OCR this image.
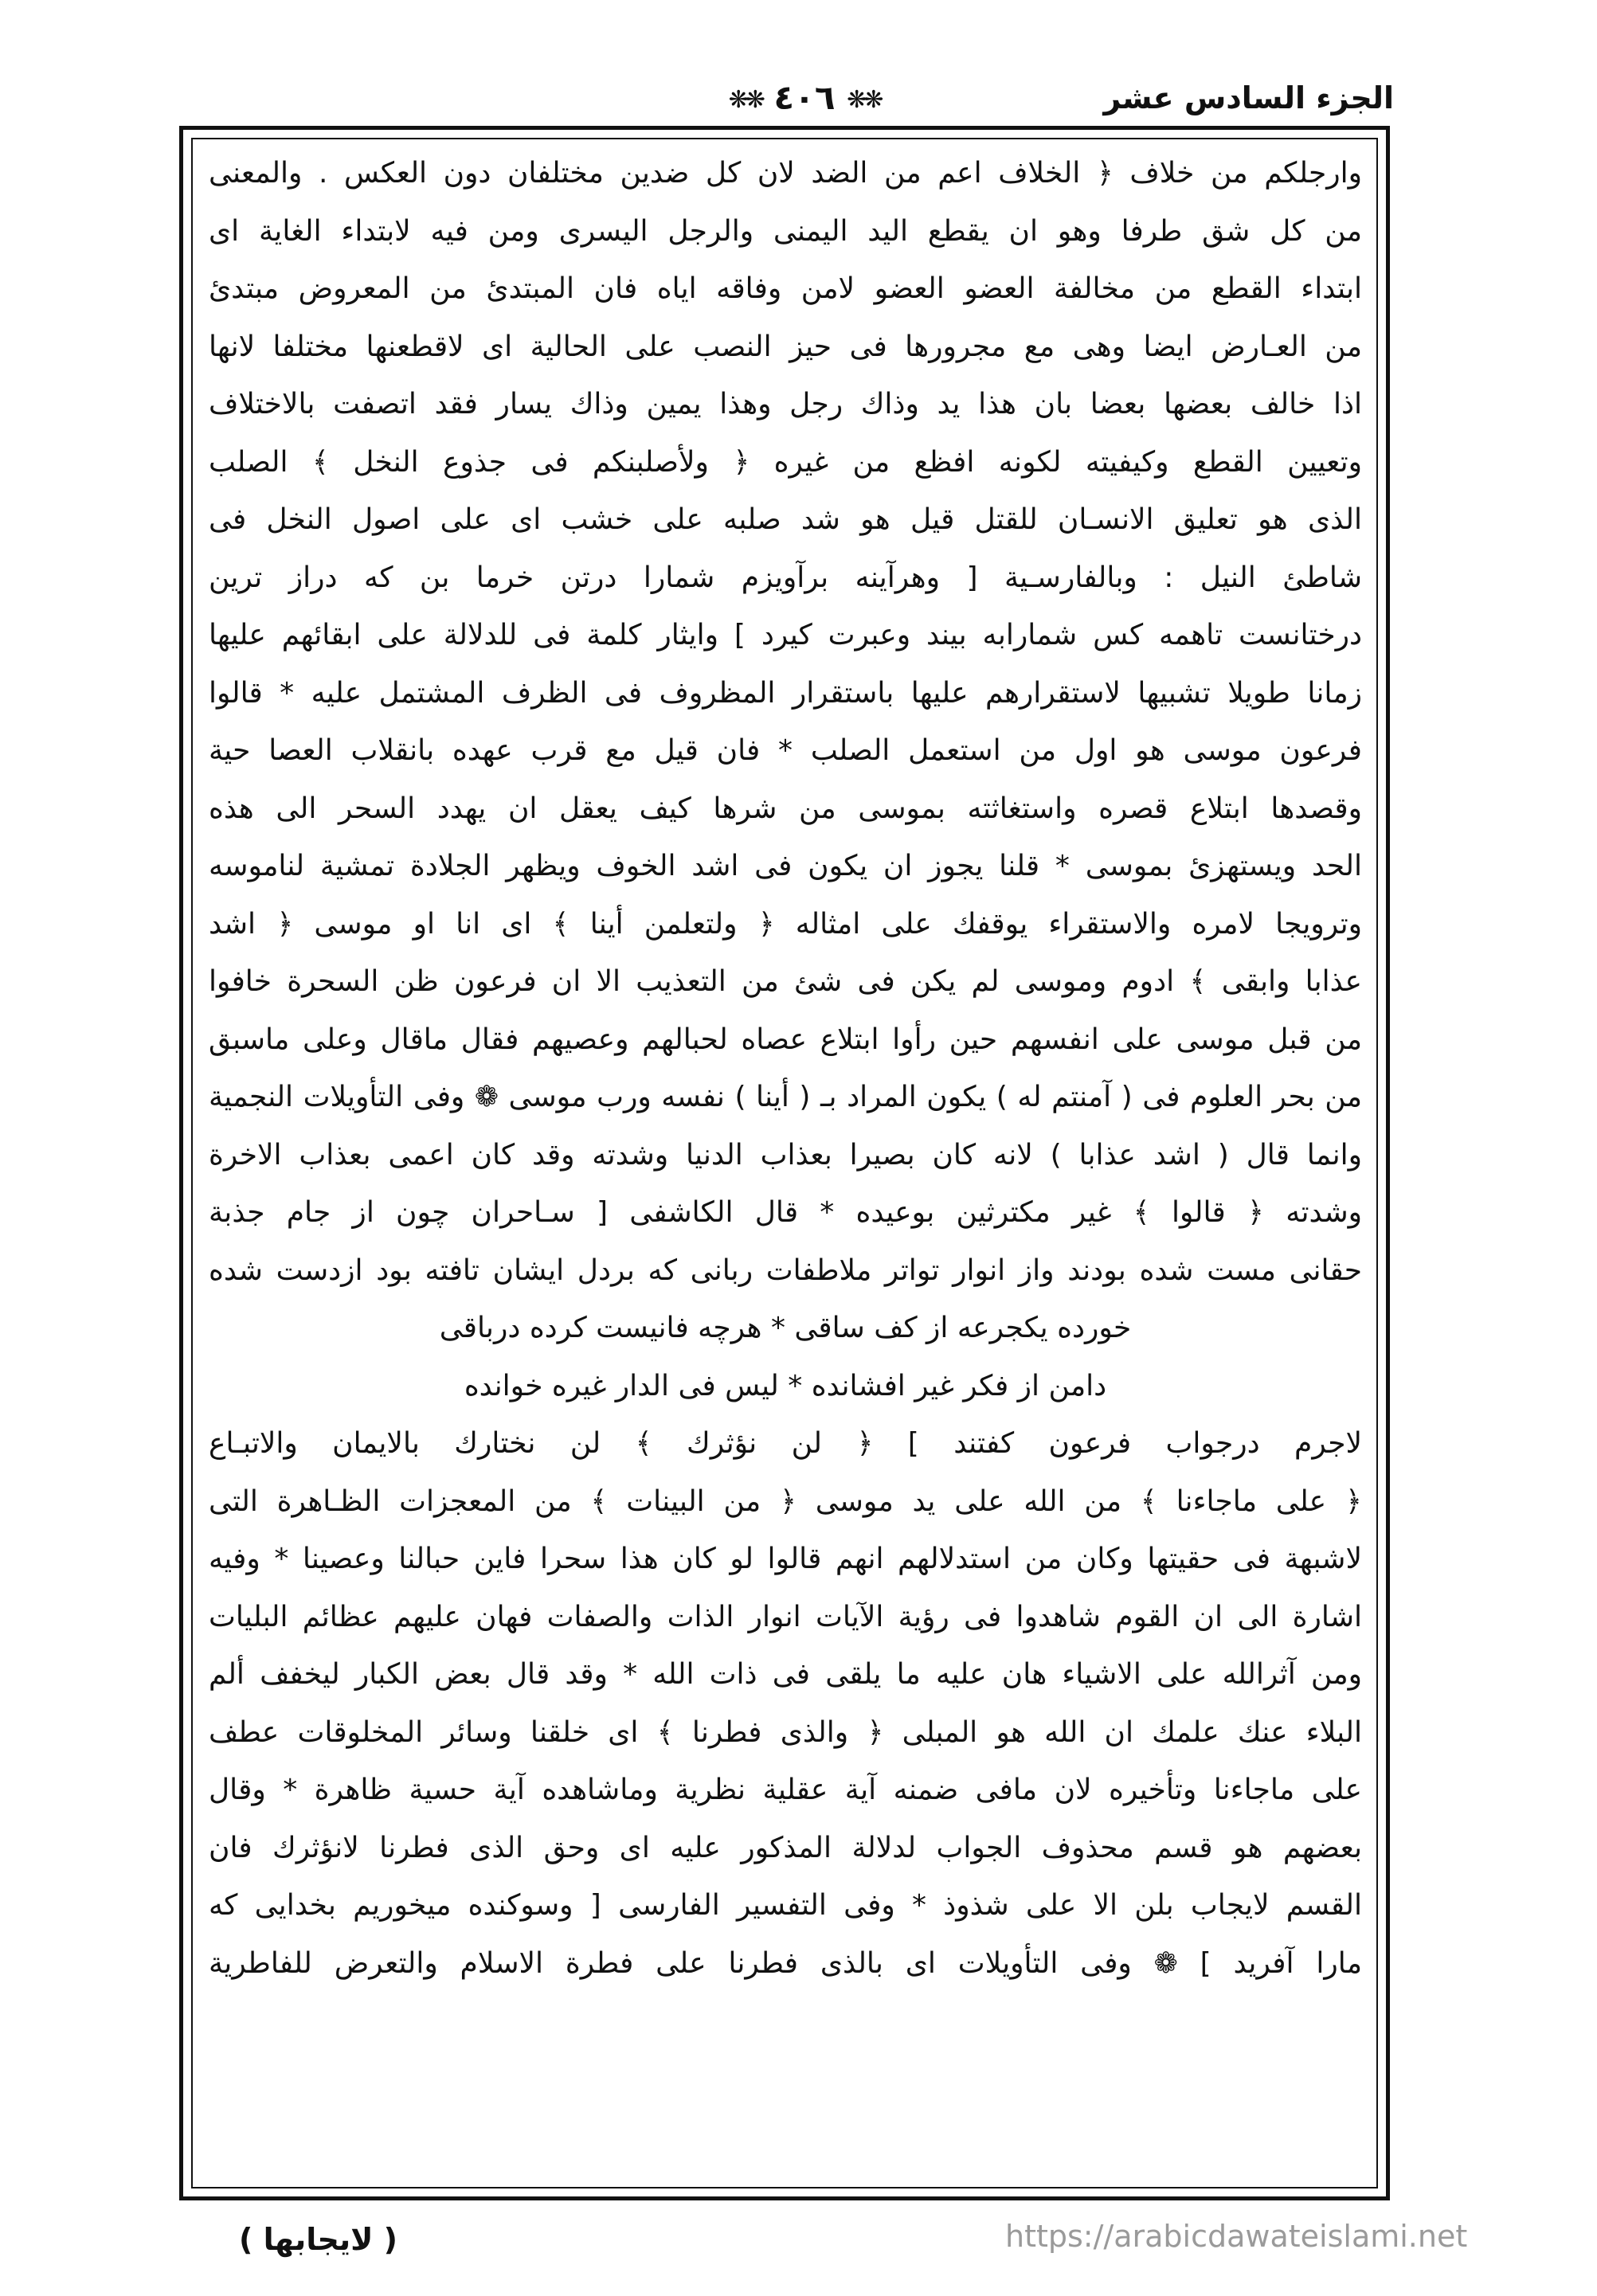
الجزء السادس عشر
❋❋ ٤٠٦ ❋❋
وارجلكم من خلاف ﴿ الخلاف اعم من الضد لان كل ضدين مختلفان دون العكس . والمعنى
من كل شق طرفا وهو ان يقطع اليد اليمنى والرجل اليسرى ومن فيه لابتداء الغاية اى
ابتداء القطع من مخالفة العضو العضو لامن وفاقه اياه فان المبتدئ من المعروض مبتدئ
من العـارض ايضا وهى مع مجرورها فى حيز النصب على الحالية اى لاقطعنها مختلفا لانها
اذا خالف بعضها بعضا بان هذا يد وذاك رجل وهذا يمين وذاك يسار فقد اتصفت بالاختلاف
وتعيين القطع وكيفيته لكونه افظع من غيره ﴿ ولأصلبنكم فى جذوع النخل ﴾ الصلب
الذى هو تعليق الانسـان للقتل قيل هو شد صلبه على خشب اى على اصول النخل فى
شاطئ النيل : وبالفارسـية [ وهرآينه برآويزم شمارا درتن خرما بن كه دراز ترين
درختانست تاهمه كس شمارابه بيند وعبرت كيرد ] وايثار كلمة فى للدلالة على ابقائهم عليها
زمانا طويلا تشبيها لاستقرارهم عليها باستقرار المظروف فى الظرف المشتمل عليه * قالوا
فرعون موسى هو اول من استعمل الصلب * فان قيل مع قرب عهده بانقلاب العصا حية
وقصدها ابتلاع قصره واستغاثته بموسى من شرها كيف يعقل ان يهدد السحر الى هذه
الحد ويستهزئ بموسى * قلنا يجوز ان يكون فى اشد الخوف ويظهر الجلادة تمشية لناموسه
وترويجا لامره والاستقراء يوقفك على امثاله ﴿ ولتعلمن أينا ﴾ اى انا او موسى ﴿ اشد
عذابا وابقى ﴾ ادوم وموسى لم يكن فى شئ من التعذيب الا ان فرعون ظن السحرة خافوا
من قبل موسى على انفسهم حين رأوا ابتلاع عصاه لحبالهم وعصيهم فقال ماقال وعلى ماسبق
من بحر العلوم فى ( آمنتم له ) يكون المراد بـ ( أينا ) نفسه ورب موسى ❁ وفى التأويلات النجمية
وانما قال ( اشد عذابا ) لانه كان بصيرا بعذاب الدنيا وشدته وقد كان اعمى بعذاب الاخرة
وشدته ﴿ قالوا ﴾ غير مكترثين بوعيده * قال الكاشفى [ سـاحران چون از جام جذبة
حقانى مست شده بودند واز انوار تواتر ملاطفات ربانى كه بردل ايشان تافته بود ازدست شده
خورده يكجرعه از كف ساقى * هرچه فانيست كرده درباقى
دامن از فكر غير افشانده * ليس فى الدار غيره خوانده
لاجرم درجواب فرعون كفتند ] ﴿ لن نؤثرك ﴾ لن نختارك بالايمان والاتبـاع
﴿ على ماجاءنا ﴾ من الله على يد موسى ﴿ من البينات ﴾ من المعجزات الظـاهرة التى
لاشبهة فى حقيتها وكان من استدلالهم انهم قالوا لو كان هذا سحرا فاين حبالنا وعصينا * وفيه
اشارة الى ان القوم شاهدوا فى رؤية الآيات انوار الذات والصفات فهان عليهم عظائم البليات
ومن آثرالله على الاشياء هان عليه ما يلقى فى ذات الله * وقد قال بعض الكبار ليخفف ألم
البلاء عنك علمك ان الله هو المبلى ﴿ والذى فطرنا ﴾ اى خلقنا وسائر المخلوقات عطف
على ماجاءنا وتأخيره لان مافى ضمنه آية عقلية نظرية وماشاهده آية حسية ظاهرة * وقال
بعضهم هو قسم محذوف الجواب لدلالة المذكور عليه اى وحق الذى فطرنا لانؤثرك فان
القسم لايجاب بلن الا على شذوذ * وفى التفسير الفارسى [ وسوكنده ميخوريم بخدايى كه
مارا آفريد ] ❁ وفى التأويلات اى بالذى فطرنا على فطرة الاسلام والتعرض للفاطرية
( لايجابها )	https://arabicdawateislami.net
